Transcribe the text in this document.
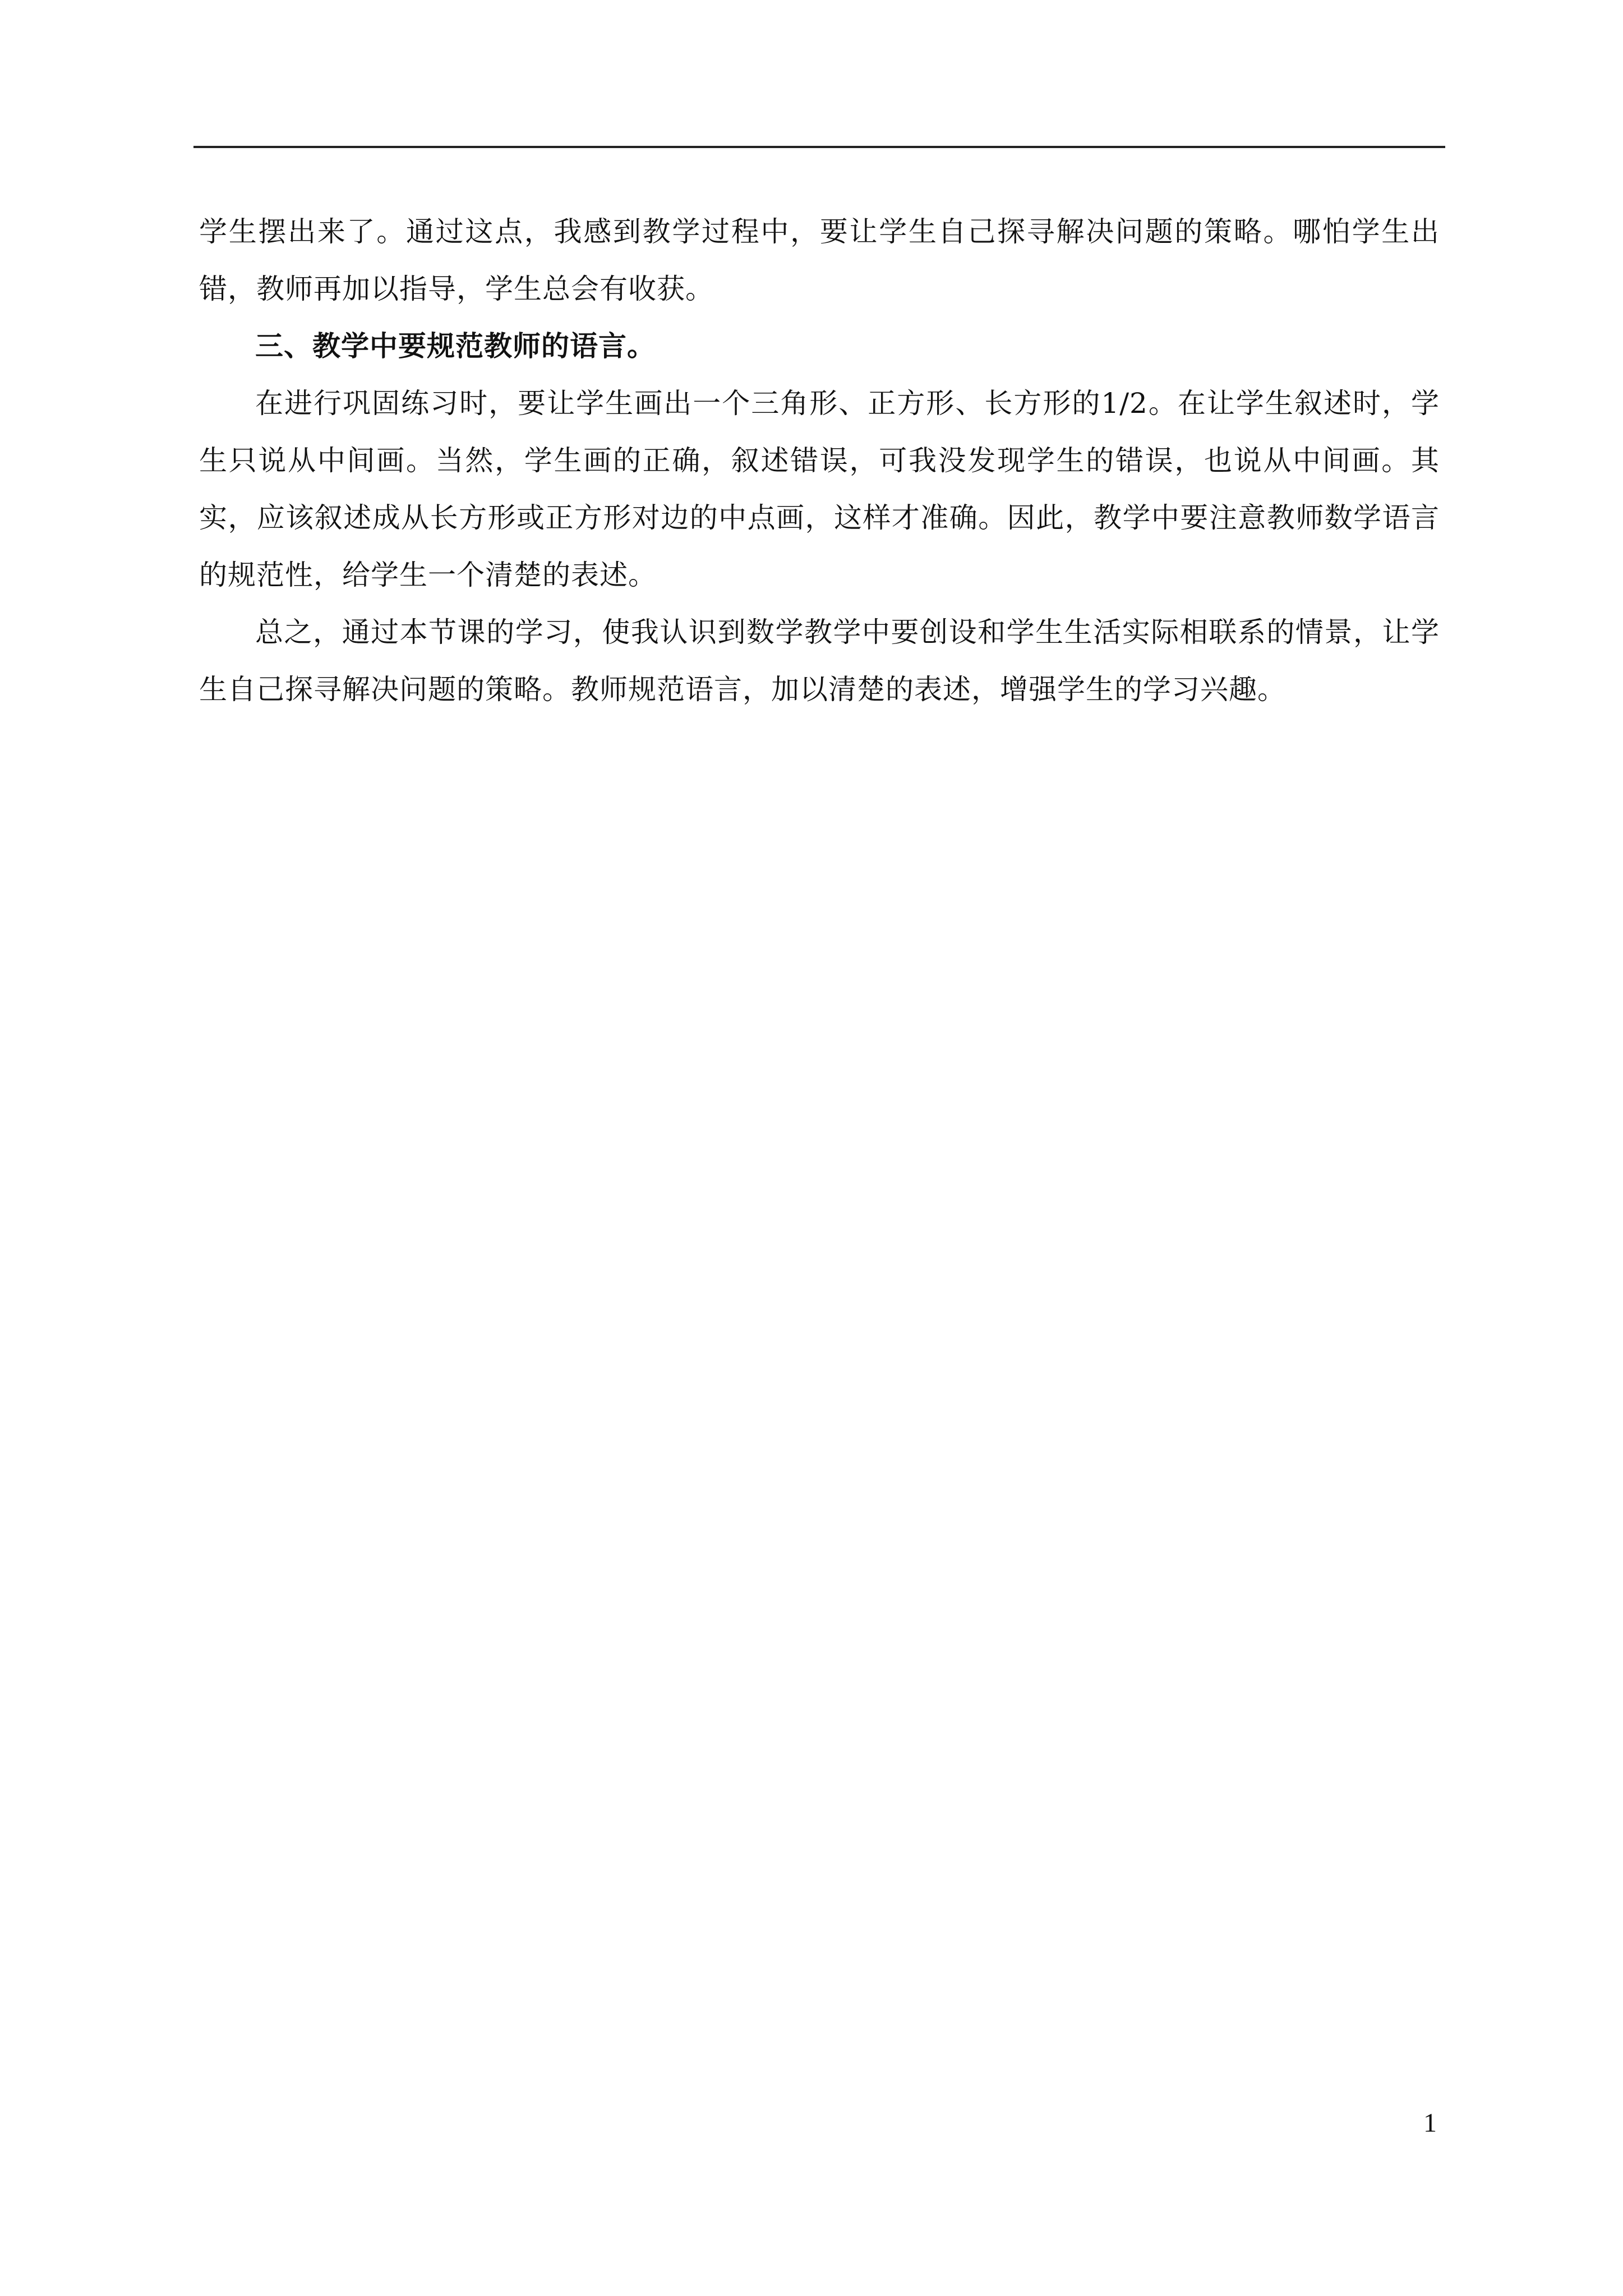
学生摆出来了。通过这点，我感到教学过程中，要让学生自己探寻解决问题的策略。哪怕学生出错，教师再加以指导，学生总会有收获。

三、教学中要规范教师的语言。

在进行巩固练习时，要让学生画出一个三角形、正方形、长方形的1/2。在让学生叙述时，学生只说从中间画。当然，学生画的正确，叙述错误，可我没发现学生的错误，也说从中间画。其实，应该叙述成从长方形或正方形对边的中点画，这样才准确。因此，教学中要注意教师数学语言的规范性，给学生一个清楚的表述。

总之，通过本节课的学习，使我认识到数学教学中要创设和学生生活实际相联系的情景，让学生自己探寻解决问题的策略。教师规范语言，加以清楚的表述，增强学生的学习兴趣。

1
